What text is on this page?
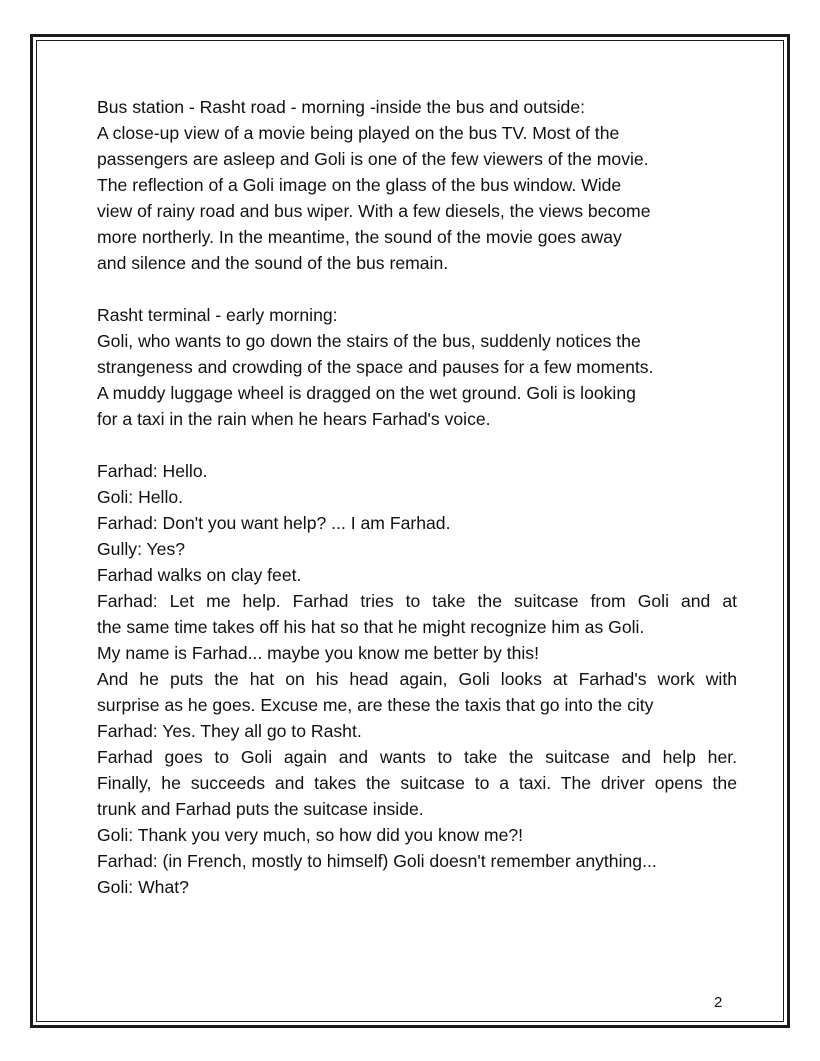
Bus station - Rasht road - morning -inside the bus and outside:
A close-up view of a movie being played on the bus TV. Most of the
passengers are asleep and Goli is one of the few viewers of the movie.
The reflection of a Goli image on the glass of the bus window. Wide
view of rainy road and bus wiper. With a few diesels, the views become
more northerly. In the meantime, the sound of the movie goes away
and silence and the sound of the bus remain.
Rasht terminal - early morning:
Goli, who wants to go down the stairs of the bus, suddenly notices the
strangeness and crowding of the space and pauses for a few moments.
A muddy luggage wheel is dragged on the wet ground. Goli is looking
for a taxi in the rain when he hears Farhad's voice.
Farhad: Hello.
Goli: Hello.
Farhad: Don't you want help? ... I am Farhad.
Gully: Yes?
Farhad walks on clay feet.
Farhad: Let me help. Farhad tries to take the suitcase from Goli and at
the same time takes off his hat so that he might recognize him as Goli.
My name is Farhad... maybe you know me better by this!
And he puts the hat on his head again, Goli looks at Farhad's work with
surprise as he goes. Excuse me, are these the taxis that go into the city
Farhad: Yes. They all go to Rasht.
Farhad goes to Goli again and wants to take the suitcase and help her.
Finally, he succeeds and takes the suitcase to a taxi. The driver opens the
trunk and Farhad puts the suitcase inside.
Goli: Thank you very much, so how did you know me?!
Farhad: (in French, mostly to himself) Goli doesn't remember anything...
Goli: What?
2
